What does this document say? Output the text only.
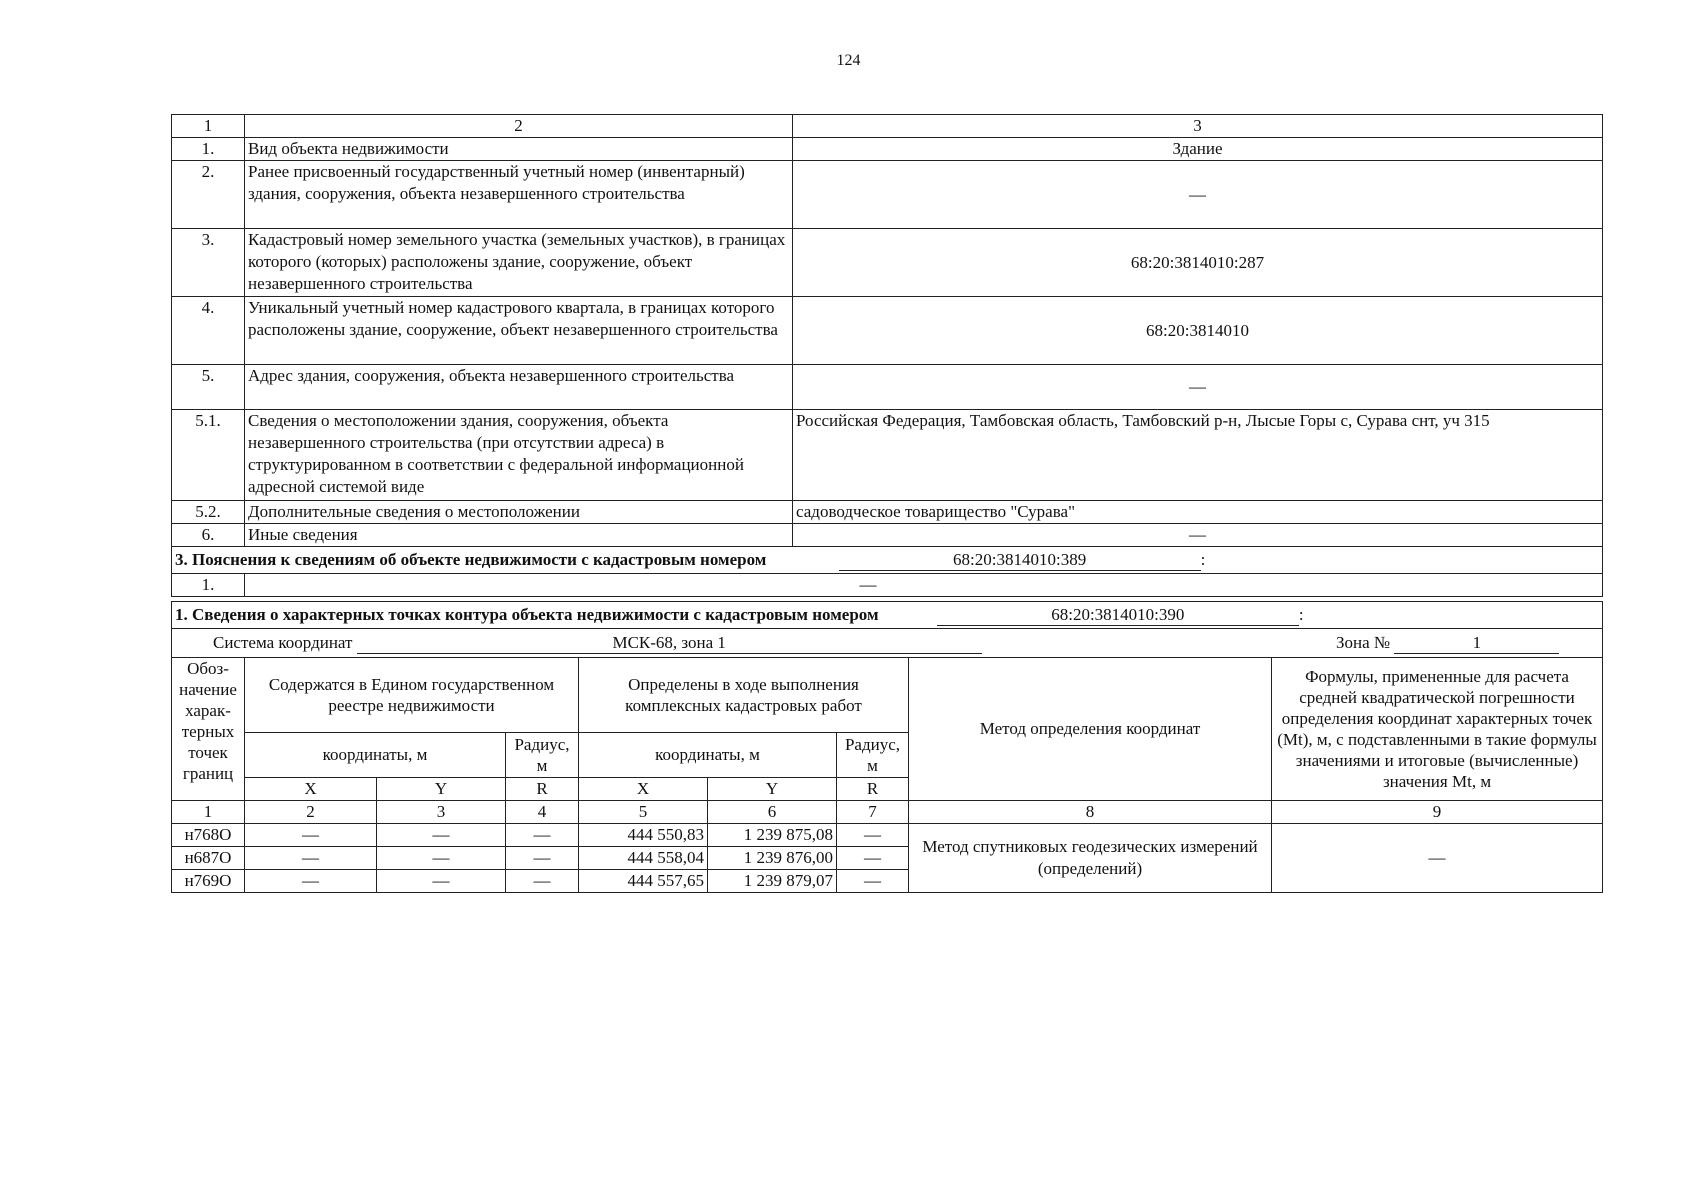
124
1	2	3
1.	Вид объекта недвижимости	Здание
2.	Ранее присвоенный государственный учетный номер (инвентарный) здания, сооружения, объекта незавершенного строительства	—
3.	Кадастровый номер земельного участка (земельных участков), в границах которого (которых) расположены здание, сооружение, объект незавершенного строительства	68:20:3814010:287
4.	Уникальный учетный номер кадастрового квартала, в границах которого расположены здание, сооружение, объект незавершенного строительства	68:20:3814010
5.	Адрес здания, сооружения, объекта незавершенного строительства	—
5.1.	Сведения о местоположении здания, сооружения, объекта незавершенного строительства (при отсутствии адреса) в структурированном в соответствии с федеральной информационной адресной системой виде	Российская Федерация, Тамбовская область, Тамбовский р-н, Лысые Горы с, Сурава снт, уч 315
5.2.	Дополнительные сведения о местоположении	садоводческое товарищество "Сурава"
6.	Иные сведения	—
3. Пояснения к сведениям об объекте недвижимости с кадастровым номером 68:20:3814010:389 :		
1.	—	
1. Сведения о характерных точках контура объекта недвижимости с кадастровым номером 68:20:3814010:390 :								
Система координат МСК-68, зона 1 Зона № 1								
Обоз- начение харак- терных точек границ	Содержатся в Едином государственном реестре недвижимости			Определены в ходе выполнения комплексных кадастровых работ			Метод определения координат	Формулы, примененные для расчета средней квадратической погрешности определения координат характерных точек (Mt), м, с подставленными в такие формулы значениями и итоговые (вычисленные) значения Mt, м
	координаты, м		Радиус, м	координаты, м		Радиус, м		
	X	Y	R	X	Y	R		
1	2	3	4	5	6	7	8	9
н768О	—	—	—	444 550,83	1 239 875,08	—	Метод спутниковых геодезических измерений (определений)	—
н687О	—	—	—	444 558,04	1 239 876,00	—		
н769О	—	—	—	444 557,65	1 239 879,07	—		
